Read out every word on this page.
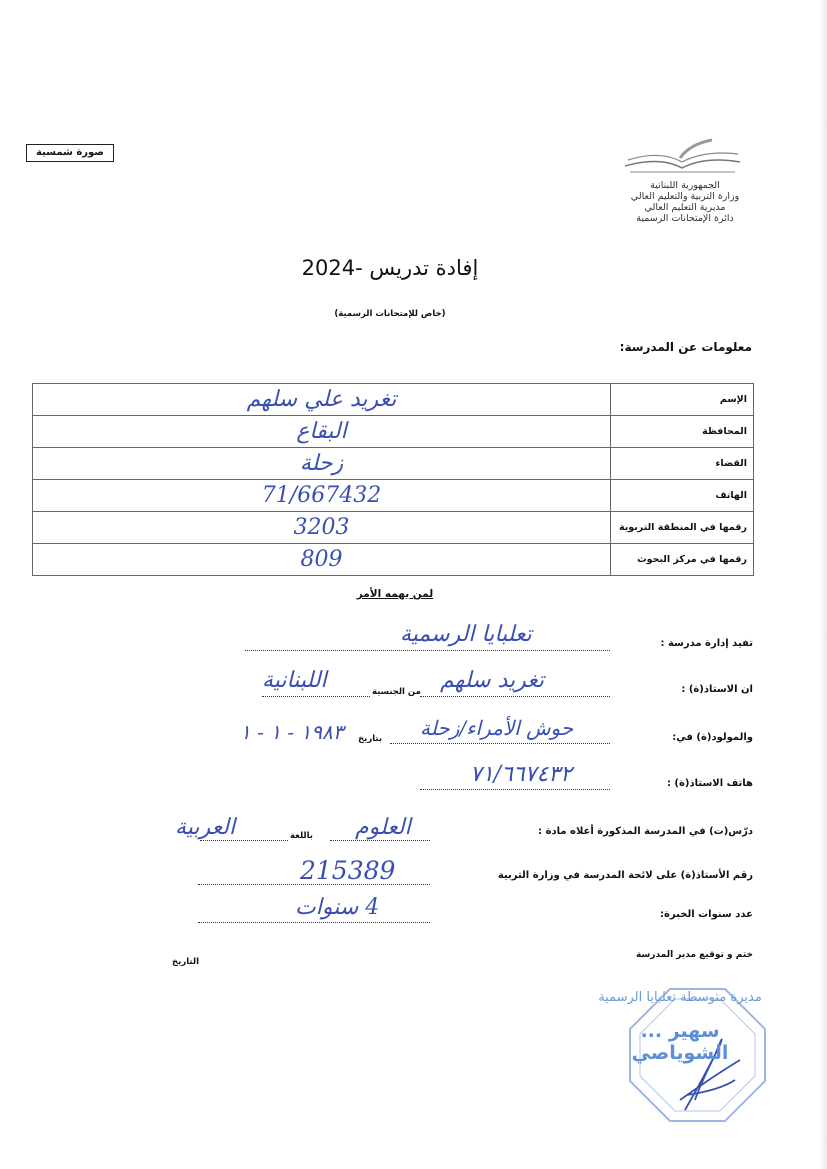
صورة شمسية
الجمهورية اللبنانية
وزارة التربية والتعليم العالي
مديرية التعليم العالي
دائرة الإمتحانات الرسمية
إفادة تدريس -2024
(خاص للإمتحانات الرسمية)
معلومات عن المدرسة:
تغريد علي سلهم	الإسم
البقاع	المحافظة
زحلة	القضاء
71/667432	الهاتف
3203	رقمها في المنطقة التربوية
809	رقمها في مركز البحوث
لمن يهمه الأمر
تفيد إدارة مدرسة :
تعلبايا الرسمية
ان الاستاذ(ة) :
تغريد سلهم
من الجنسية
اللبنانية
والمولود(ة) في:
حوش الأمراء/زحلة
بتاريخ
١٩٨٣ - ١ - ١
هاتف الاستاذ(ة) :
٧١/٦٦٧٤٣٢
درّس(ت) في المدرسة المذكورة أعلاه مادة :
العلوم
باللغة
العربية
رقم الأستاذ(ة) على لائحة المدرسة في وزارة التربية
215389
عدد سنوات الخبرة:
4 سنوات
ختم و توقيع مدير المدرسة
التاريخ
مديرة متوسطة تعلبايا الرسمية
سهير ... الشوياصي
